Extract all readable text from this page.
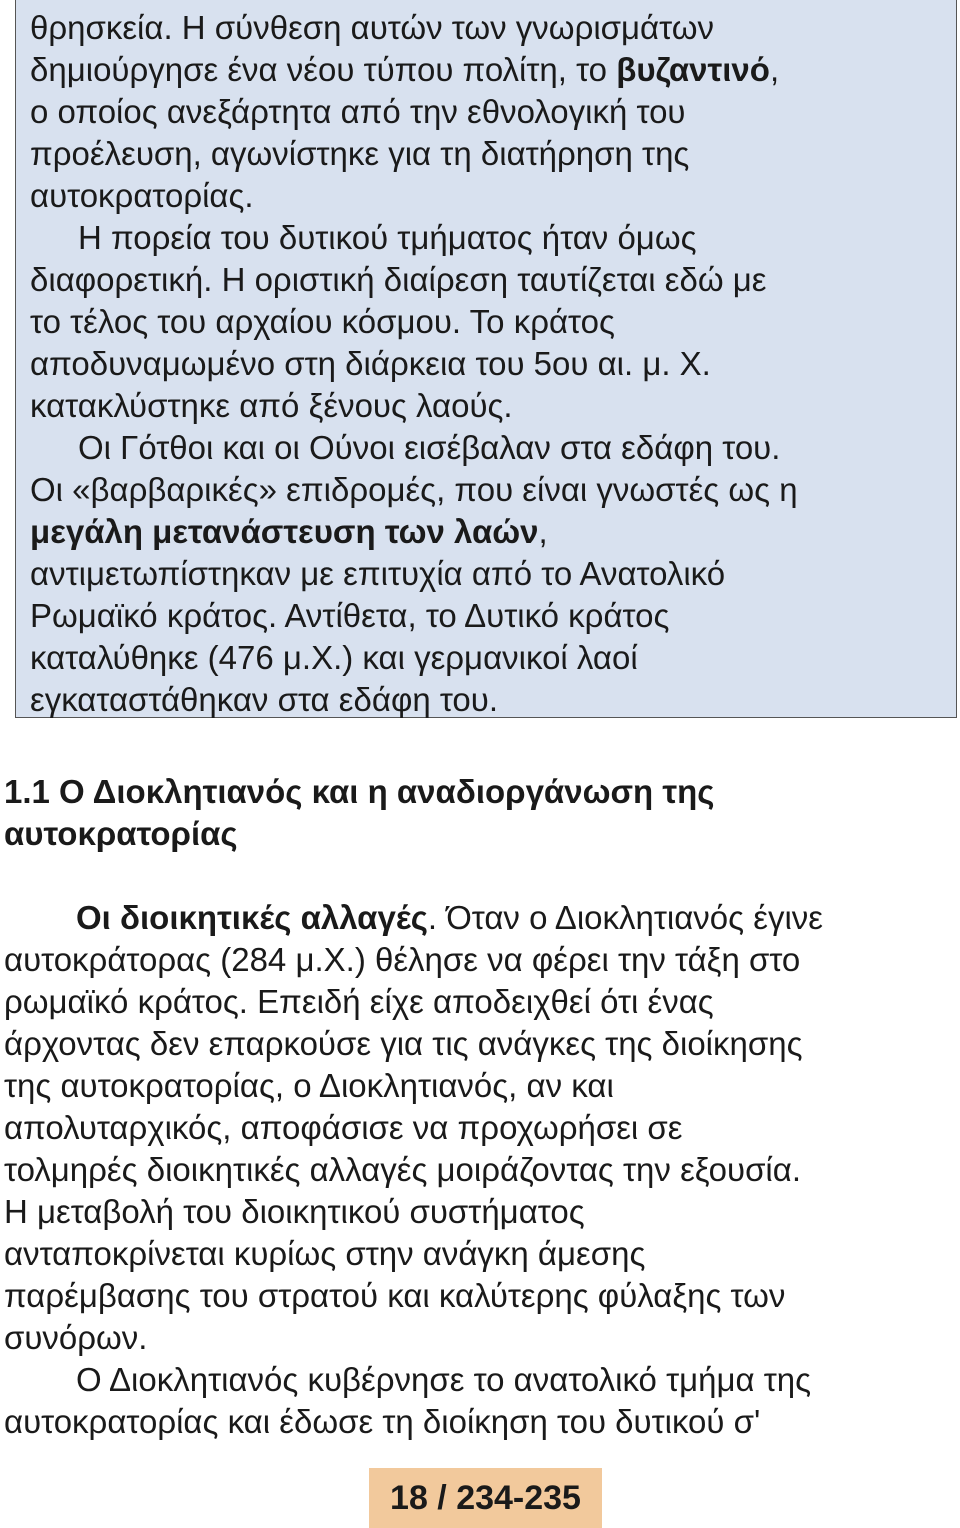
θρησκεία. Η σύνθεση αυτών των γνωρισμάτων
δημιούργησε ένα νέου τύπου πολίτη, το βυζαντινό,
ο οποίος ανεξάρτητα από την εθνολογική του
προέλευση, αγωνίστηκε για τη διατήρηση της
αυτοκρατορίας.
Η πορεία του δυτικού τμήματος ήταν όμως
διαφορετική. Η οριστική διαίρεση ταυτίζεται εδώ με
το τέλος του αρχαίου κόσμου. Το κράτος
αποδυναμωμένο στη διάρκεια του 5ου αι. μ. Χ.
κατακλύστηκε από ξένους λαούς.
Οι Γότθοι και οι Ούνοι εισέβαλαν στα εδάφη του.
Οι «βαρβαρικές» επιδρομές, που είναι γνωστές ως η
μεγάλη μετανάστευση των λαών,
αντιμετωπίστηκαν με επιτυχία από το Ανατολικό
Ρωμαϊκό κράτος. Αντίθετα, το Δυτικό κράτος
καταλύθηκε (476 μ.Χ.) και γερμανικοί λαοί
εγκαταστάθηκαν στα εδάφη του.
1.1 Ο Διοκλητιανός και η αναδιοργάνωση της
αυτοκρατορίας
Οι διοικητικές αλλαγές. Όταν ο Διοκλητιανός έγινε
αυτοκράτορας (284 μ.Χ.) θέλησε να φέρει την τάξη στο
ρωμαϊκό κράτος. Επειδή είχε αποδειχθεί ότι ένας
άρχοντας δεν επαρκούσε για τις ανάγκες της διοίκησης
της αυτοκρατορίας, ο Διοκλητιανός, αν και
απολυταρχικός, αποφάσισε να προχωρήσει σε
τολμηρές διοικητικές αλλαγές μοιράζοντας την εξουσία.
Η μεταβολή του διοικητικού συστήματος
ανταποκρίνεται κυρίως στην ανάγκη άμεσης
παρέμβασης του στρατού και καλύτερης φύλαξης των
συνόρων.
Ο Διοκλητιανός κυβέρνησε το ανατολικό τμήμα της
αυτοκρατορίας και έδωσε τη διοίκηση του δυτικού σ'
18 / 234-235
